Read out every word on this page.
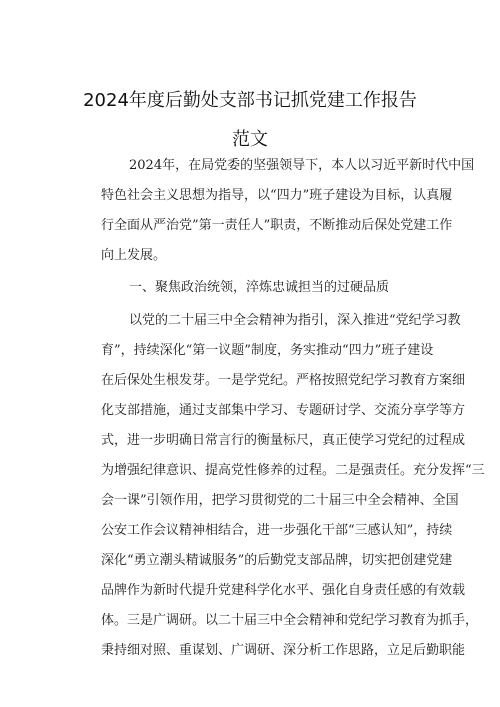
2024年度后勤处支部书记抓党建工作报告
范文
2024年，在局党委的坚强领导下，本人以习近平新时代中国
特色社会主义思想为指导，以“四力”班子建设为目标，认真履
行全面从严治党”第一责任人”职责，不断推动后保处党建工作
向上发展。
一、聚焦政治统领，淬炼忠诚担当的过硬品质
以党的二十届三中全会精神为指引，深入推进“党纪学习教
育”，持续深化“第一议题”制度，务实推动“四力”班子建设
在后保处生根发芽。一是学党纪。严格按照党纪学习教育方案细
化支部措施，通过支部集中学习、专题研讨学、交流分享学等方
式，进一步明确日常言行的衡量标尺，真正使学习党纪的过程成
为增强纪律意识、提高党性修养的过程。二是强责任。充分发挥“三
会一课”引领作用，把学习贯彻党的二十届三中全会精神、全国
公安工作会议精神相结合，进一步强化干部“三感认知”，持续
深化“勇立潮头精诚服务”的后勤党支部品牌，切实把创建党建
品牌作为新时代提升党建科学化水平、强化自身责任感的有效载
体。三是广调研。以二十届三中全会精神和党纪学习教育为抓手，
秉持细对照、重谋划、广调研、深分析工作思路，立足后勤职能
